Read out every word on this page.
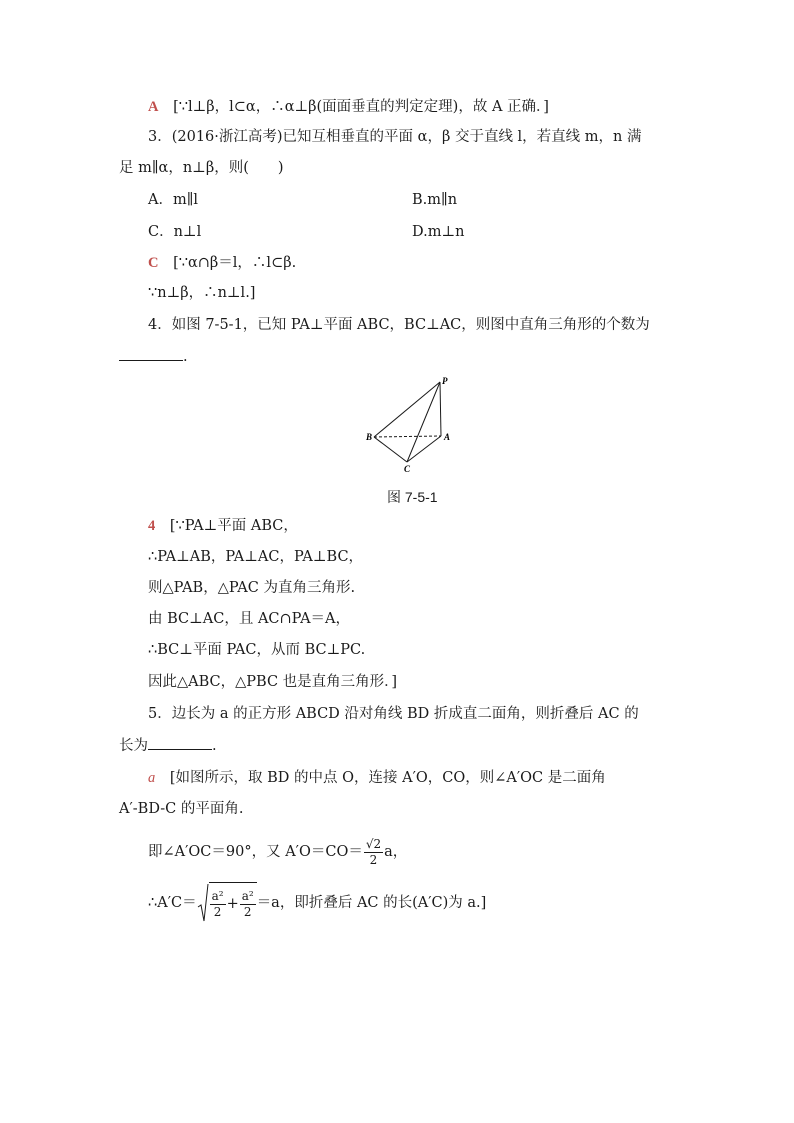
A [∵l⊥β，l⊂α，∴α⊥β(面面垂直的判定定理)，故 A 正确．]
3．(2016·浙江高考)已知互相垂直的平面 α，β 交于直线 l，若直线 m，n 满
足 m∥α，n⊥β，则(　　)
A．m∥l	B.m∥n
C．n⊥l	D.m⊥n
C [∵α∩β＝l，∴l⊂β.
∵n⊥β，∴n⊥l.]
4．如图 7-5-1，已知 PA⊥平面 ABC，BC⊥AC，则图中直角三角形的个数为
.
P
A
B
C
图 7-5-1
4 [∵PA⊥平面 ABC，
∴PA⊥AB，PA⊥AC，PA⊥BC，
则△PAB，△PAC 为直角三角形.
由 BC⊥AC，且 AC∩PA＝A，
∴BC⊥平面 PAC，从而 BC⊥PC.
因此△ABC，△PBC 也是直角三角形．]
5．边长为 a 的正方形 ABCD 沿对角线 BD 折成直二面角，则折叠后 AC 的
长为	.
a [如图所示，取 BD 的中点 O，连接 A′O，CO，则∠A′OC 是二面角
A′-BD-C 的平面角.
即∠A′OC＝90°，又 $A'O=CO= \frac{√2}{2}$ a，
∴A′C＝ $\frac{\text{a²}}{2} + \frac{\text{a²}}{2} =a$，即折叠后 AC 的长(A′C)为 a.]
